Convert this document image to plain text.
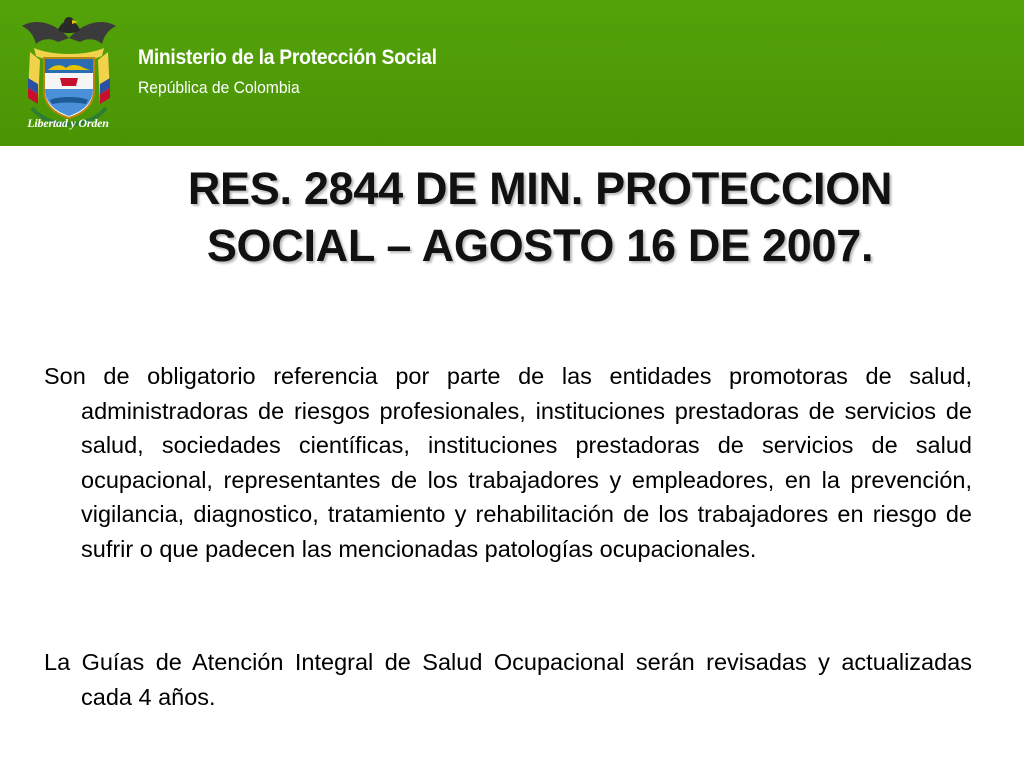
Libertad y Orden
Ministerio de la Protección Social
República de Colombia
RES. 2844 DE MIN. PROTECCION
SOCIAL – AGOSTO 16 DE 2007.
Son de obligatorio referencia por parte de las entidades promotoras de salud, administradoras de riesgos profesionales, instituciones prestadoras de servicios de salud, sociedades científicas, instituciones prestadoras de servicios de salud ocupacional, representantes de los trabajadores y empleadores, en la prevención, vigilancia, diagnostico, tratamiento y rehabilitación de los trabajadores en riesgo de sufrir o que padecen las mencionadas patologías ocupacionales.
La Guías de Atención Integral de Salud Ocupacional serán revisadas y actualizadas cada 4 años.
